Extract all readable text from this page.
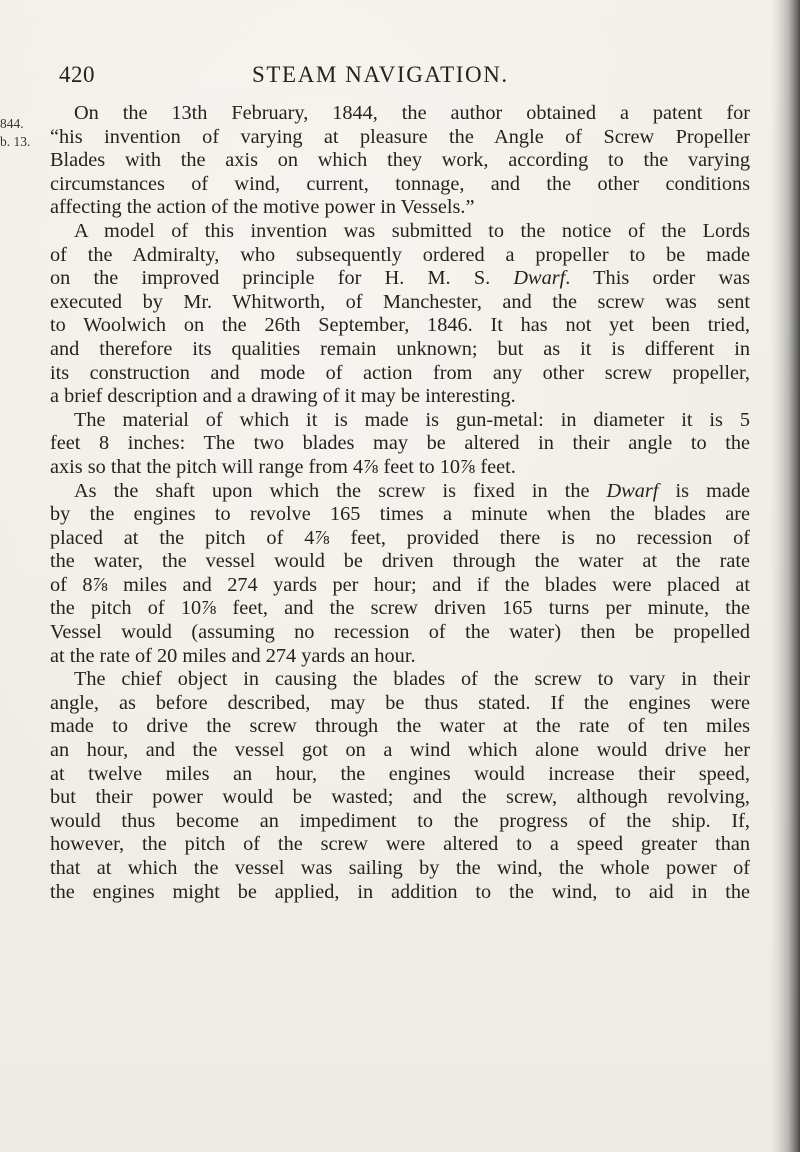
420	STEAM NAVIGATION.
844.
b. 13.
On the 13th February, 1844, the author obtained a patent for
“his invention of varying at pleasure the Angle of Screw Propeller
Blades with the axis on which they work, according to the varying
circumstances of wind, current, tonnage, and the other conditions
affecting the action of the motive power in Vessels.”
A model of this invention was submitted to the notice of the Lords
of the Admiralty, who subsequently ordered a propeller to be made
on the improved principle for H. M. S. Dwarf. This order was
executed by Mr. Whitworth, of Manchester, and the screw was sent
to Woolwich on the 26th September, 1846. It has not yet been tried,
and therefore its qualities remain unknown; but as it is different in
its construction and mode of action from any other screw propeller,
a brief description and a drawing of it may be interesting.
The material of which it is made is gun-metal: in diameter it is 5
feet 8 inches: The two blades may be altered in their angle to the
axis so that the pitch will range from 4⅞ feet to 10⅞ feet.
As the shaft upon which the screw is fixed in the Dwarf is made
by the engines to revolve 165 times a minute when the blades are
placed at the pitch of 4⅞ feet, provided there is no recession of
the water, the vessel would be driven through the water at the rate
of 8⅞ miles and 274 yards per hour; and if the blades were placed at
the pitch of 10⅞ feet, and the screw driven 165 turns per minute, the
Vessel would (assuming no recession of the water) then be propelled
at the rate of 20 miles and 274 yards an hour.
The chief object in causing the blades of the screw to vary in their
angle, as before described, may be thus stated. If the engines were
made to drive the screw through the water at the rate of ten miles
an hour, and the vessel got on a wind which alone would drive her
at twelve miles an hour, the engines would increase their speed,
but their power would be wasted; and the screw, although revolving,
would thus become an impediment to the progress of the ship. If,
however, the pitch of the screw were altered to a speed greater than
that at which the vessel was sailing by the wind, the whole power of
the engines might be applied, in addition to the wind, to aid in the
